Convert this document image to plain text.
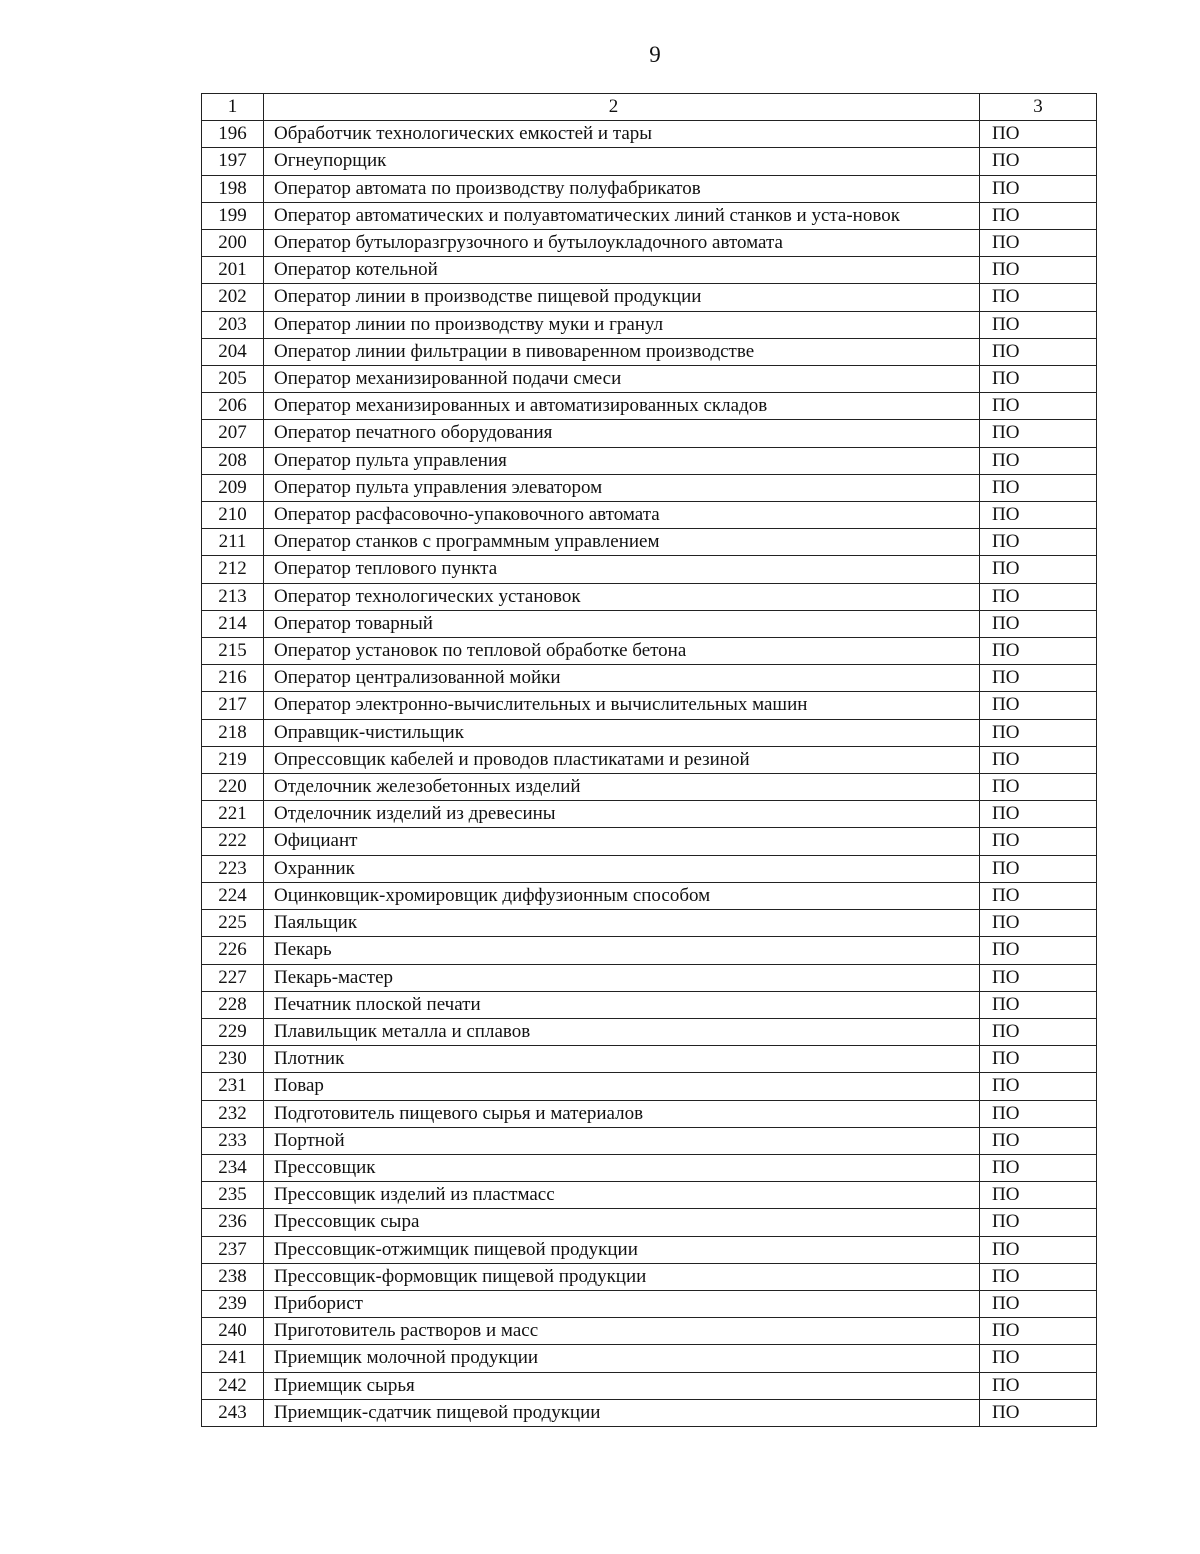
9
1	2	3
196	Обработчик технологических емкостей и тары	ПО
197	Огнеупорщик	ПО
198	Оператор автомата по производству полуфабрикатов	ПО
199	Оператор автоматических и полуавтоматических линий станков и уста-новок	ПО
200	Оператор бутылоразгрузочного и бутылоукладочного автомата	ПО
201	Оператор котельной	ПО
202	Оператор линии в производстве пищевой продукции	ПО
203	Оператор линии по производству муки и гранул	ПО
204	Оператор линии фильтрации в пивоваренном производстве	ПО
205	Оператор механизированной подачи смеси	ПО
206	Оператор механизированных и автоматизированных складов	ПО
207	Оператор печатного оборудования	ПО
208	Оператор пульта управления	ПО
209	Оператор пульта управления элеватором	ПО
210	Оператор расфасовочно-упаковочного автомата	ПО
211	Оператор станков с программным управлением	ПО
212	Оператор теплового пункта	ПО
213	Оператор технологических установок	ПО
214	Оператор товарный	ПО
215	Оператор установок по тепловой обработке бетона	ПО
216	Оператор централизованной мойки	ПО
217	Оператор электронно-вычислительных и вычислительных машин	ПО
218	Оправщик-чистильщик	ПО
219	Опрессовщик кабелей и проводов пластикатами и резиной	ПО
220	Отделочник железобетонных изделий	ПО
221	Отделочник изделий из древесины	ПО
222	Официант	ПО
223	Охранник	ПО
224	Оцинковщик-хромировщик диффузионным способом	ПО
225	Паяльщик	ПО
226	Пекарь	ПО
227	Пекарь-мастер	ПО
228	Печатник плоской печати	ПО
229	Плавильщик металла и сплавов	ПО
230	Плотник	ПО
231	Повар	ПО
232	Подготовитель пищевого сырья и материалов	ПО
233	Портной	ПО
234	Прессовщик	ПО
235	Прессовщик изделий из пластмасс	ПО
236	Прессовщик сыра	ПО
237	Прессовщик-отжимщик пищевой продукции	ПО
238	Прессовщик-формовщик пищевой продукции	ПО
239	Приборист	ПО
240	Приготовитель растворов и масс	ПО
241	Приемщик молочной продукции	ПО
242	Приемщик сырья	ПО
243	Приемщик-сдатчик пищевой продукции	ПО
